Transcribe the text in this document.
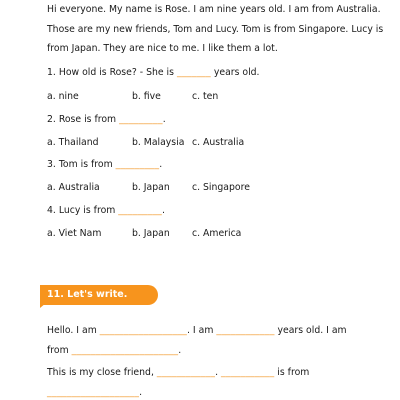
Hi everyone. My name is Rose. I am nine years old. I am from Australia.
Those are my new friends, Tom and Lucy. Tom is from Singapore. Lucy is
from Japan. They are nice to me. I like them a lot.
1. How old is Rose? - She is _______ years old.
a. nine	b. five	c. ten
2. Rose is from _________.
a. Thailand	b. Malaysia c. Australia
3. Tom is from _________.
a. Australia	b. Japan c. Singapore
4. Lucy is from _________.
a. Viet Nam	b. Japan c. America
11. Let's write.
Hello. I am __________________. I am ____________ years old. I am
from ______________________.
This is my close friend, ____________. ___________ is from
___________________.
